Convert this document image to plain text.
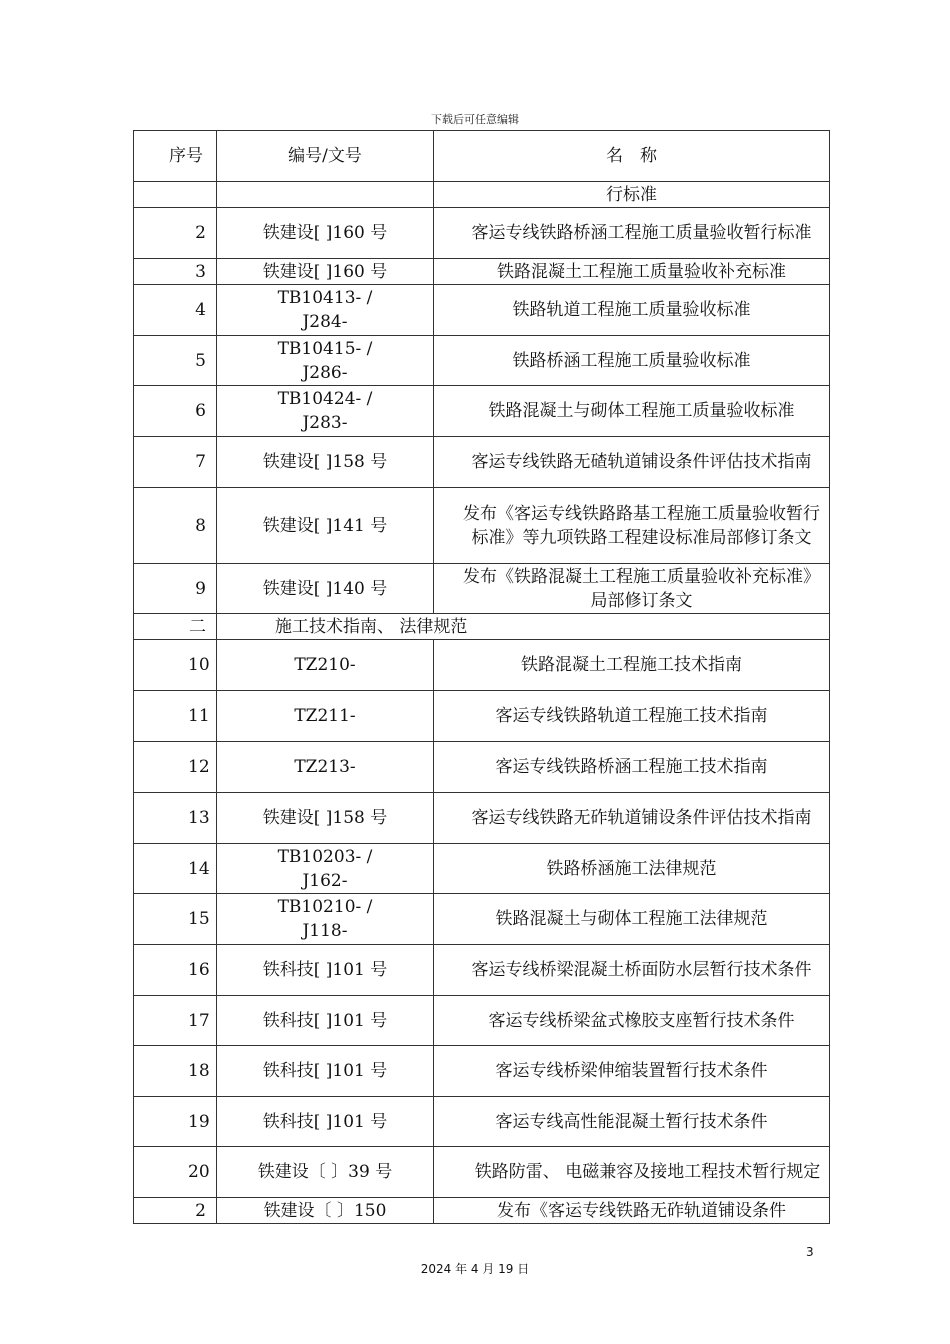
下载后可任意编辑
序号	编号/文号	名　称
		行标准
2	铁建设[ ]160 号	客运专线铁路桥涵工程施工质量验收暂行标准
3	铁建设[ ]160 号	铁路混凝土工程施工质量验收补充标准
4	TB10413- / J284-	铁路轨道工程施工质量验收标准
5	TB10415- / J286-	铁路桥涵工程施工质量验收标准
6	TB10424- / J283-	铁路混凝土与砌体工程施工质量验收标准
7	铁建设[ ]158 号	客运专线铁路无碴轨道铺设条件评估技术指南
8	铁建设[ ]141 号	发布《客运专线铁路路基工程施工质量验收暂行标准》等九项铁路工程建设标准局部修订条文
9	铁建设[ ]140 号	发布《铁路混凝土工程施工质量验收补充标准》局部修订条文
二	施工技术指南、 法律规范	
10	TZ210-	铁路混凝土工程施工技术指南
11	TZ211-	客运专线铁路轨道工程施工技术指南
12	TZ213-	客运专线铁路桥涵工程施工技术指南
13	铁建设[ ]158 号	客运专线铁路无砟轨道铺设条件评估技术指南
14	TB10203- / J162-	铁路桥涵施工法律规范
15	TB10210- / J118-	铁路混凝土与砌体工程施工法律规范
16	铁科技[ ]101 号	客运专线桥梁混凝土桥面防水层暂行技术条件
17	铁科技[ ]101 号	客运专线桥梁盆式橡胶支座暂行技术条件
18	铁科技[ ]101 号	客运专线桥梁伸缩装置暂行技术条件
19	铁科技[ ]101 号	客运专线高性能混凝土暂行技术条件
20	铁建设〔 〕39 号	铁路防雷、 电磁兼容及接地工程技术暂行规定
2	铁建设〔 〕150	发布《客运专线铁路无砟轨道铺设条件
3
2024 年 4 月 19 日
